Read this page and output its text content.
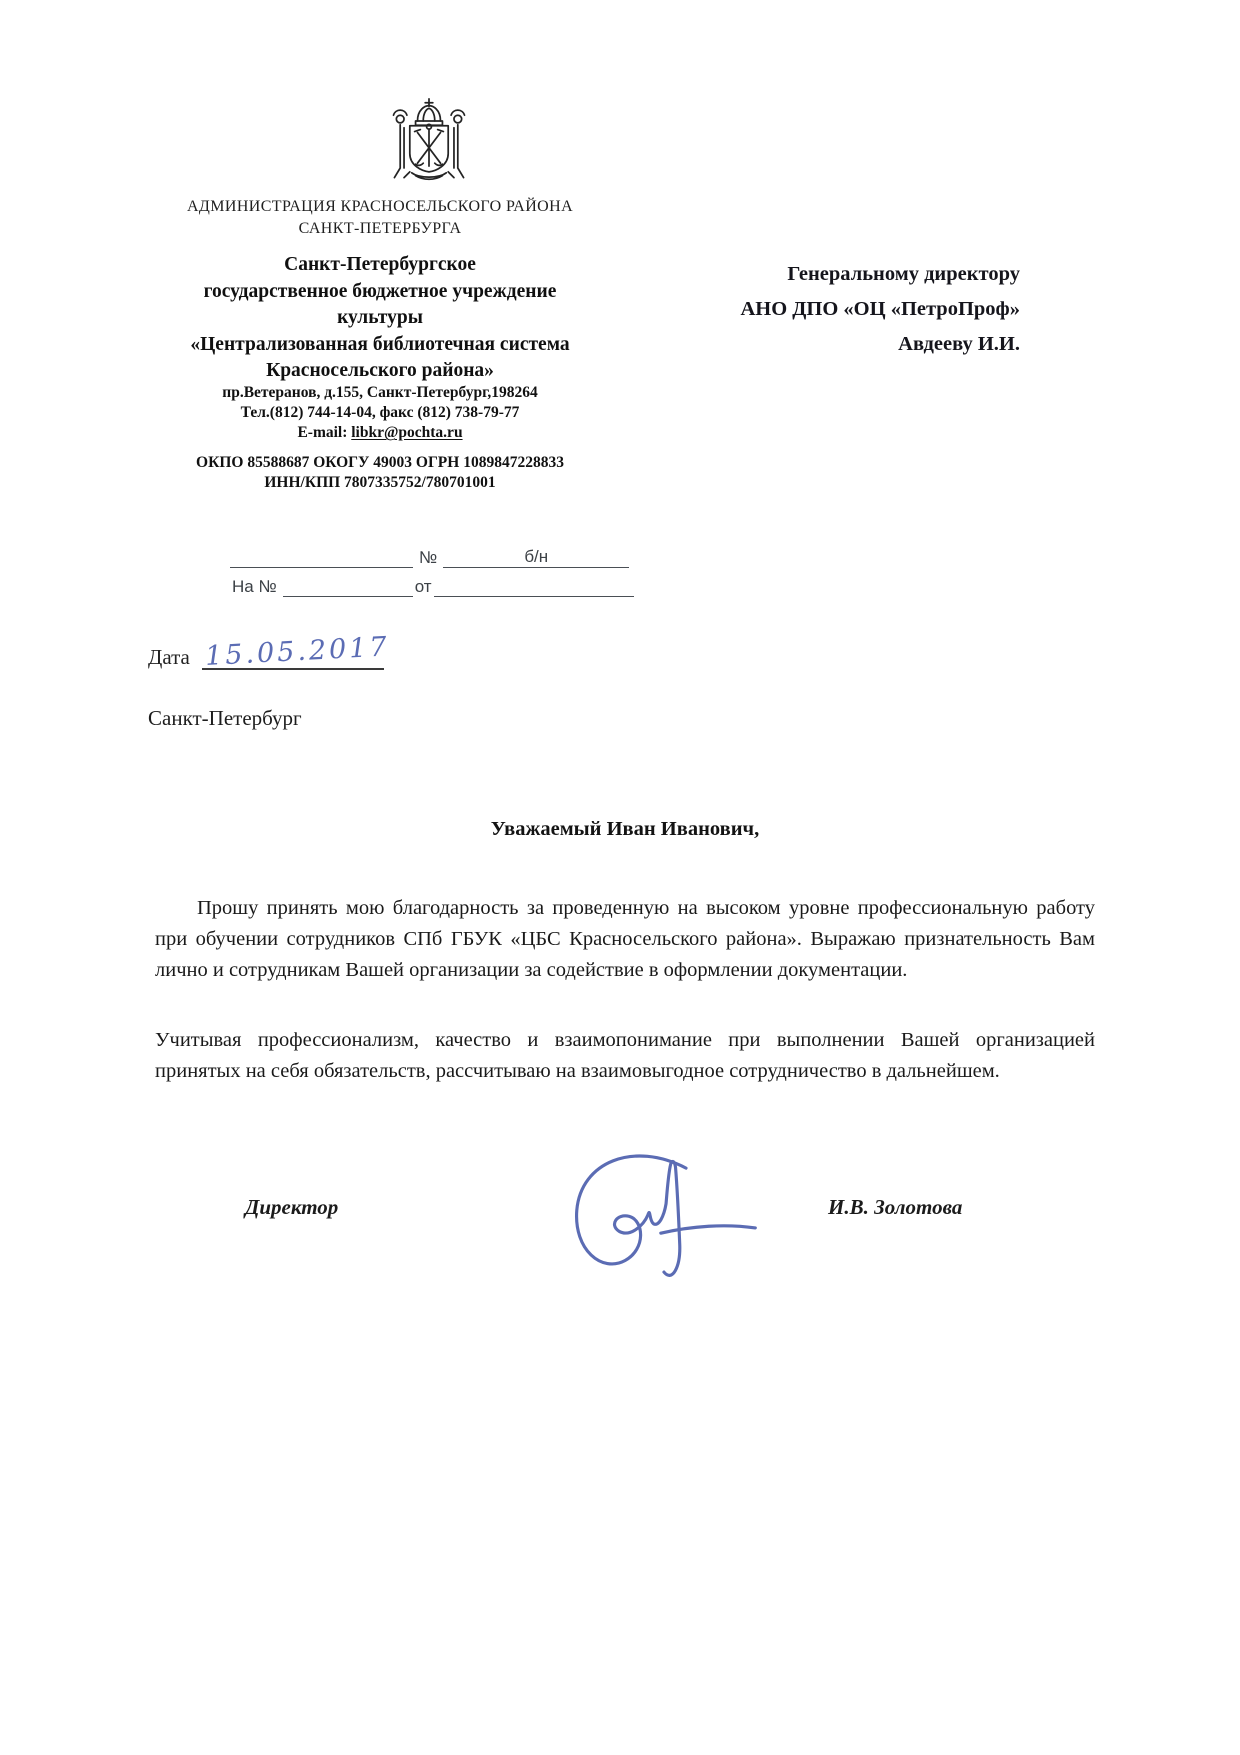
АДМИНИСТРАЦИЯ КРАСНОСЕЛЬСКОГО РАЙОНА
САНКТ-ПЕТЕРБУРГА
Санкт-Петербургское
государственное бюджетное учреждение
культуры
«Централизованная библиотечная система
Красносельского района»
Генеральному директору
АНО ДПО «ОЦ «ПетроПроф»
Авдееву И.И.
пр.Ветеранов, д.155, Санкт-Петербург,198264
Тел.(812) 744-14-04, факс (812) 738-79-77
E-mail: libkr@pochta.ru
ОКПО 85588687 ОКОГУ 49003 ОГРН 1089847228833
ИНН/КПП 7807335752/780701001
№	б/н
На №	от
Дата 15.05.2017
Санкт-Петербург
Уважаемый Иван Иванович,

Прошу принять мою благодарность за проведенную на высоком уровне профессиональную работу при обучении сотрудников СПб ГБУК «ЦБС Красносельского района». Выражаю признательность Вам лично и сотрудникам Вашей организации за содействие в оформлении документации.

Учитывая профессионализм, качество и взаимопонимание при выполнении Вашей организацией принятых на себя обязательств, рассчитываю на взаимовыгодное сотрудничество в дальнейшем.

Директор	И.В. Золотова
